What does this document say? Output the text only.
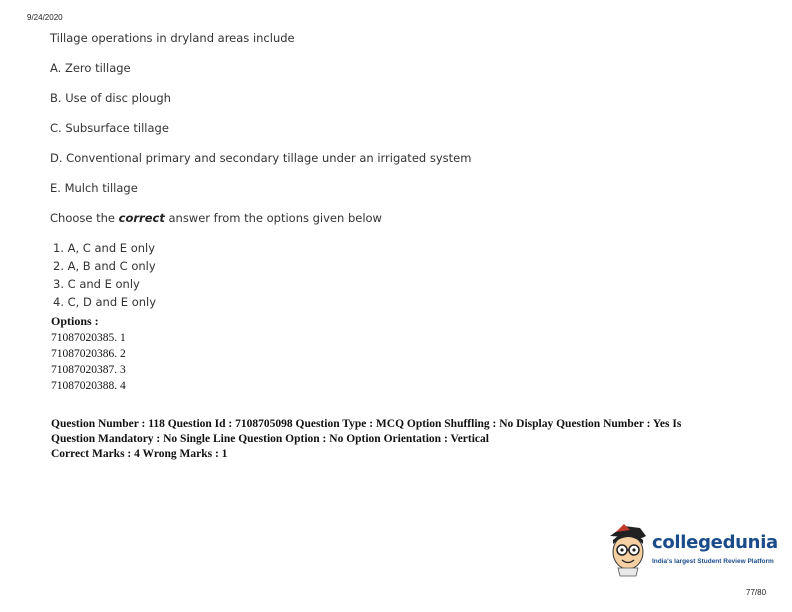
9/24/2020
Tillage operations in dryland areas include
A. Zero tillage
B. Use of disc plough
C. Subsurface tillage
D. Conventional primary and secondary tillage under an irrigated system
E. Mulch tillage
Choose the correct answer from the options given below
1. A, C and E only
2. A, B and C only
3. C and E only
4. C, D and E only
Options :
71087020385. 1
71087020386. 2
71087020387. 3
71087020388. 4
Question Number : 118 Question Id : 7108705098 Question Type : MCQ Option Shuffling : No Display Question Number : Yes Is
Question Mandatory : No Single Line Question Option : No Option Orientation : Vertical
Correct Marks : 4 Wrong Marks : 1
collegedunia
India's largest Student Review Platform
77/80
